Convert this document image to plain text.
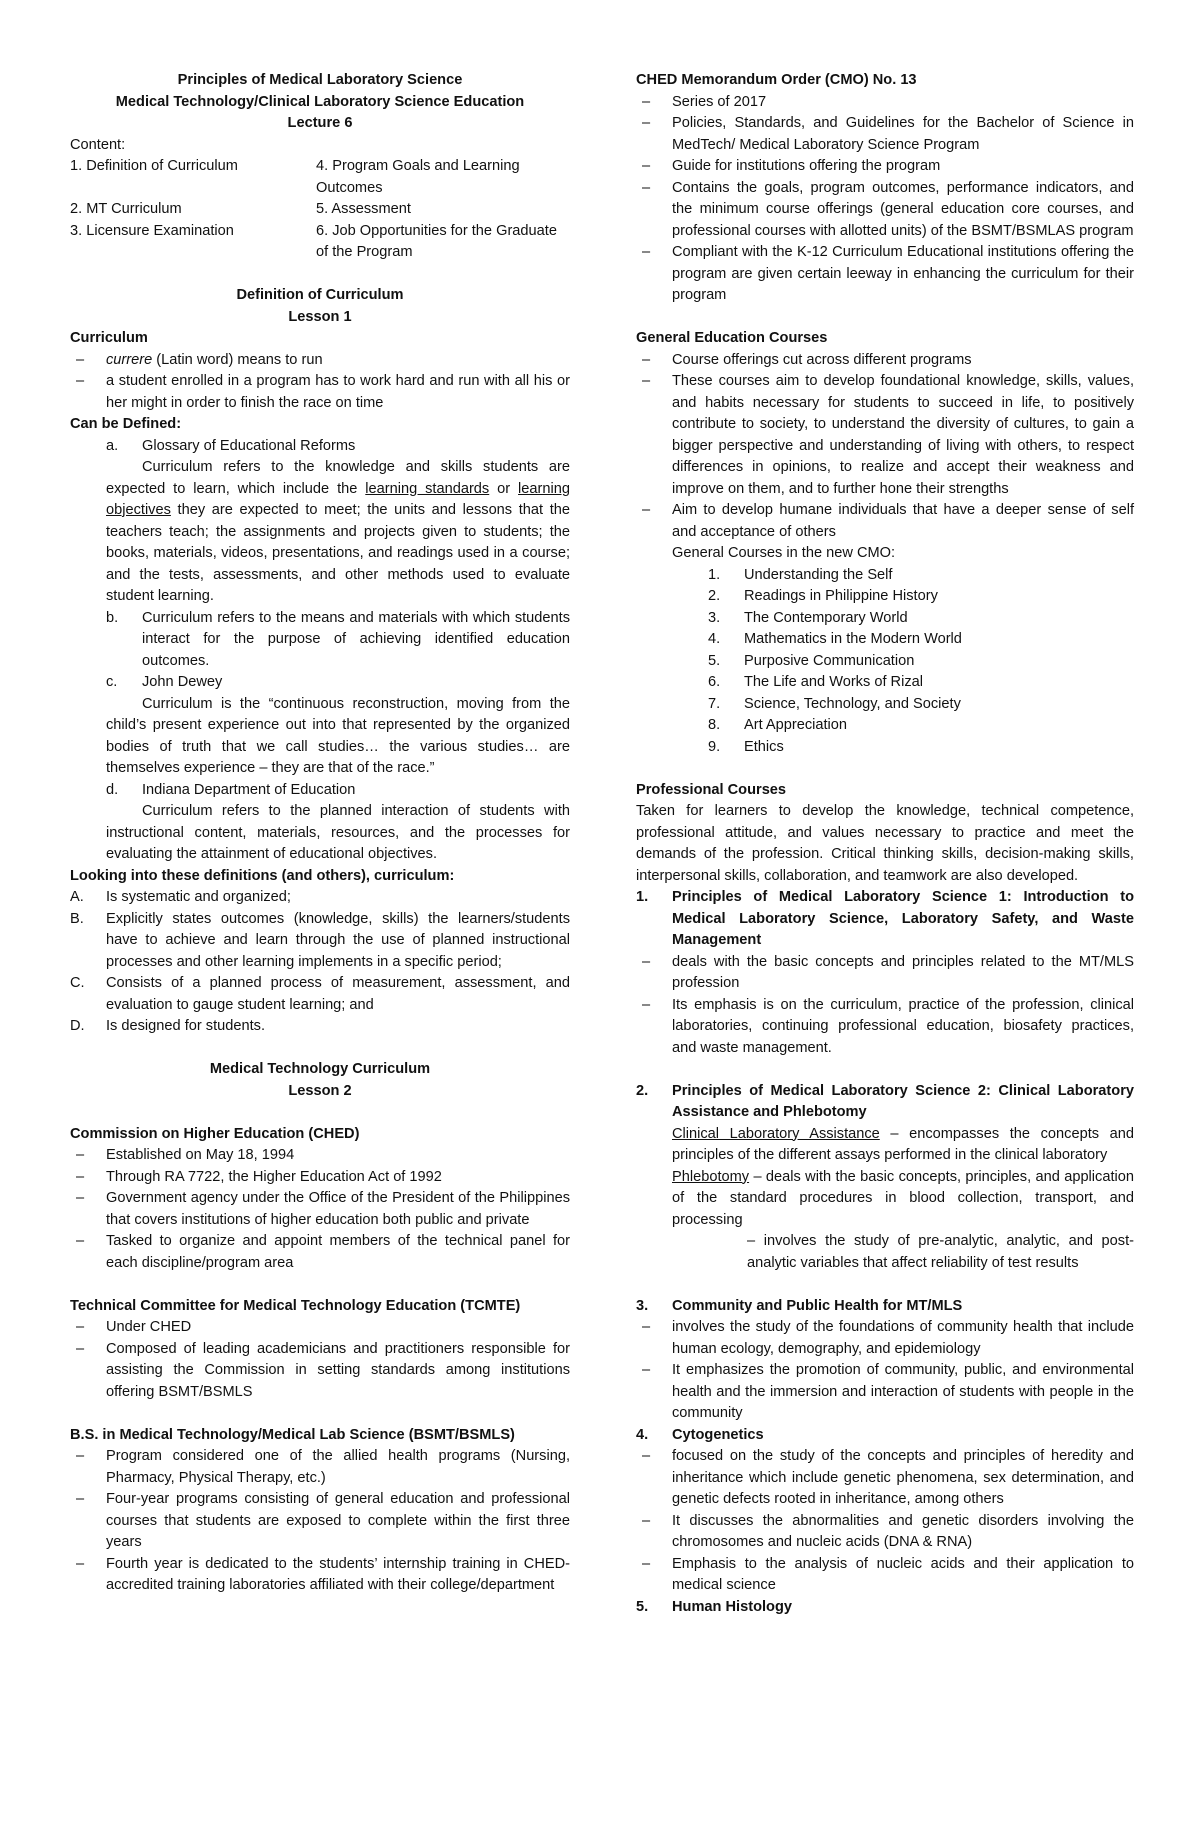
Principles of Medical Laboratory Science

Medical Technology/Clinical Laboratory Science Education

Lecture 6

Content:

1. Definition of Curriculum	4. Program Goals and Learning Outcomes
2. MT Curriculum	5. Assessment
3. Licensure Examination	6. Job Opportunities for the Graduate of the Program

Definition of Curriculum

Lesson 1

Curriculum

– currere (Latin word) means to run
– a student enrolled in a program has to work hard and run with all his or her might in order to finish the race on time

Can be Defined:

a. Glossary of Educational Reforms

Curriculum refers to the knowledge and skills students are expected to learn, which include the learning standards or learning objectives they are expected to meet; the units and lessons that the teachers teach; the assignments and projects given to students; the books, materials, videos, presentations, and readings used in a course; and the tests, assessments, and other methods used to evaluate student learning.

b. Curriculum refers to the means and materials with which students interact for the purpose of achieving identified education outcomes.
c. John Dewey

Curriculum is the “continuous reconstruction, moving from the child’s present experience out into that represented by the organized bodies of truth that we call studies… the various studies… are themselves experience – they are that of the race.”

d. Indiana Department of Education

Curriculum refers to the planned interaction of students with instructional content, materials, resources, and the processes for evaluating the attainment of educational objectives.

Looking into these definitions (and others), curriculum:

A. Is systematic and organized;
B. Explicitly states outcomes (knowledge, skills) the learners/students have to achieve and learn through the use of planned instructional processes and other learning implements in a specific period;
C. Consists of a planned process of measurement, assessment, and evaluation to gauge student learning; and
D. Is designed for students.

Medical Technology Curriculum

Lesson 2

Commission on Higher Education (CHED)

– Established on May 18, 1994
– Through RA 7722, the Higher Education Act of 1992
– Government agency under the Office of the President of the Philippines that covers institutions of higher education both public and private
– Tasked to organize and appoint members of the technical panel for each discipline/program area

Technical Committee for Medical Technology Education (TCMTE)

– Under CHED
– Composed of leading academicians and practitioners responsible for assisting the Commission in setting standards among institutions offering BSMT/BSMLS

B.S. in Medical Technology/Medical Lab Science (BSMT/BSMLS)

– Program considered one of the allied health programs (Nursing, Pharmacy, Physical Therapy, etc.)
– Four-year programs consisting of general education and professional courses that students are exposed to complete within the first three years
– Fourth year is dedicated to the students’ internship training in CHED-accredited training laboratories affiliated with their college/department

CHED Memorandum Order (CMO) No. 13

– Series of 2017
– Policies, Standards, and Guidelines for the Bachelor of Science in MedTech/ Medical Laboratory Science Program
– Guide for institutions offering the program
– Contains the goals, program outcomes, performance indicators, and the minimum course offerings (general education core courses, and professional courses with allotted units) of the BSMT/BSMLAS program
– Compliant with the K-12 Curriculum Educational institutions offering the program are given certain leeway in enhancing the curriculum for their program

General Education Courses

– Course offerings cut across different programs
– These courses aim to develop foundational knowledge, skills, values, and habits necessary for students to succeed in life, to positively contribute to society, to understand the diversity of cultures, to gain a bigger perspective and understanding of living with others, to respect differences in opinions, to realize and accept their weakness and improve on them, and to further hone their strengths
– Aim to develop humane individuals that have a deeper sense of self and acceptance of others

General Courses in the new CMO:

1. Understanding the Self
2. Readings in Philippine History
3. The Contemporary World
4. Mathematics in the Modern World
5. Purposive Communication
6. The Life and Works of Rizal
7. Science, Technology, and Society
8. Art Appreciation
9. Ethics

Professional Courses

Taken for learners to develop the knowledge, technical competence, professional attitude, and values necessary to practice and meet the demands of the profession. Critical thinking skills, decision-making skills, interpersonal skills, collaboration, and teamwork are also developed.

1. Principles of Medical Laboratory Science 1: Introduction to Medical Laboratory Science, Laboratory Safety, and Waste Management
– deals with the basic concepts and principles related to the MT/MLS profession
– Its emphasis is on the curriculum, practice of the profession, clinical laboratories, continuing professional education, biosafety practices, and waste management.
2. Principles of Medical Laboratory Science 2: Clinical Laboratory Assistance and Phlebotomy

Clinical Laboratory Assistance – encompasses the concepts and principles of the different assays performed in the clinical laboratory

Phlebotomy – deals with the basic concepts, principles, and application of the standard procedures in blood collection, transport, and processing

– involves the study of pre-analytic, analytic, and post-analytic variables that affect reliability of test results

3. Community and Public Health for MT/MLS
– involves the study of the foundations of community health that include human ecology, demography, and epidemiology
– It emphasizes the promotion of community, public, and environmental health and the immersion and interaction of students with people in the community
4. Cytogenetics
– focused on the study of the concepts and principles of heredity and inheritance which include genetic phenomena, sex determination, and genetic defects rooted in inheritance, among others
– It discusses the abnormalities and genetic disorders involving the chromosomes and nucleic acids (DNA & RNA)
– Emphasis to the analysis of nucleic acids and their application to medical science
5. Human Histology
